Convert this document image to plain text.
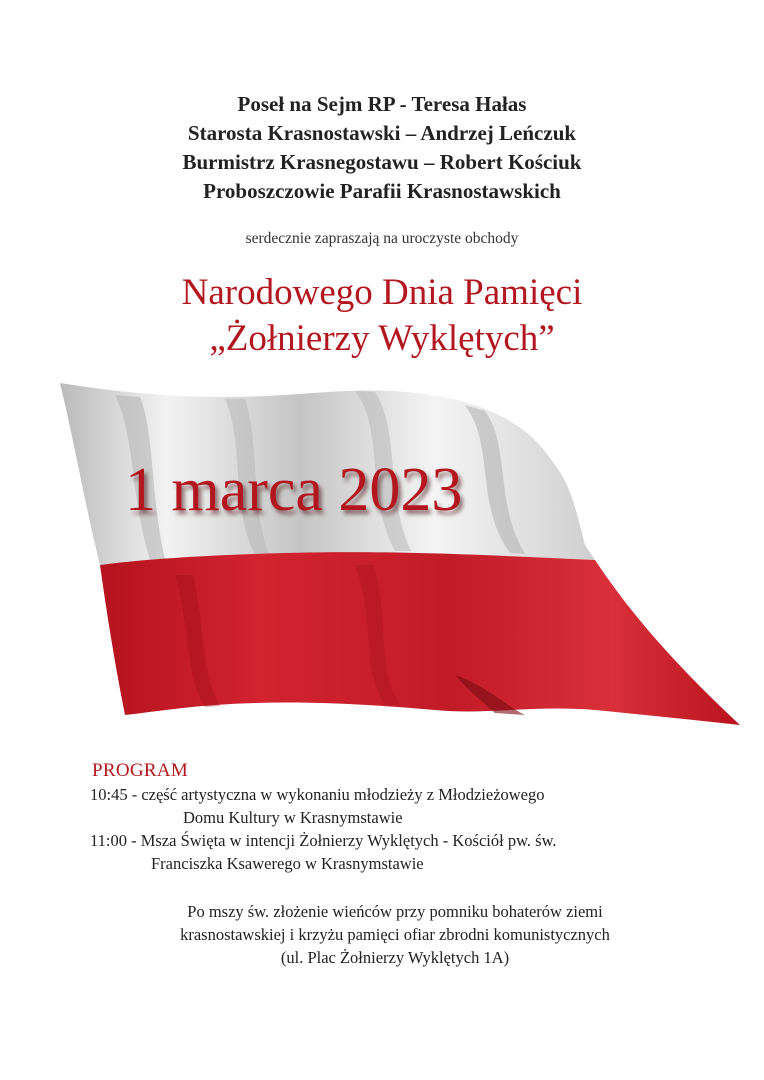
Poseł na Sejm RP - Teresa Hałas
Starosta Krasnostawski – Andrzej Leńczuk
Burmistrz Krasnegostawu – Robert Kościuk
Proboszczowie Parafii Krasnostawskich
serdecznie zapraszają na uroczyste obchody
Narodowego Dnia Pamięci
„Żołnierzy Wyklętych”
1 marca 2023
PROGRAM
10:45 - część artystyczna w wykonaniu młodzieży z Młodzieżowego
Domu Kultury w Krasnymstawie
11:00 - Msza Święta w intencji Żołnierzy Wyklętych - Kościół pw. św.
Franciszka Ksawerego w Krasnymstawie
Po mszy św. złożenie wieńców przy pomniku bohaterów ziemi
krasnostawskiej i krzyżu pamięci ofiar zbrodni komunistycznych
(ul. Plac Żołnierzy Wyklętych 1A)
